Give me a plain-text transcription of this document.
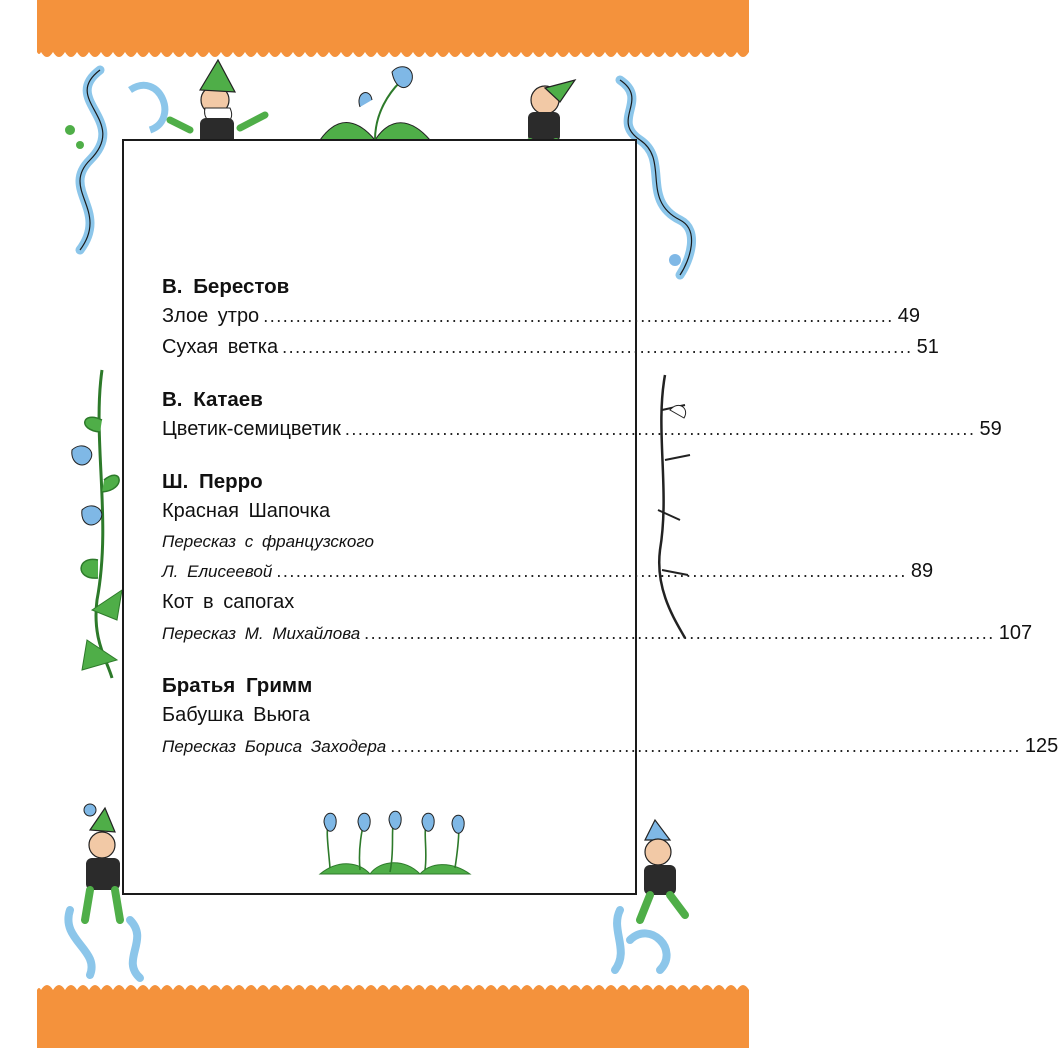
В. Берестов
Злое утро ................................................................................................. 49
Сухая ветка ................................................................................................. 51
В. Катаев
Цветик-семицветик ................................................................................................. 59
Ш. Перро
Красная Шапочка
Пересказ с французского
Л. Елисеевой ................................................................................................. 89
Кот в сапогах
Пересказ М. Михайлова ................................................................................................. 107
Братья Гримм
Бабушка Вьюга
Пересказ Бориса Заходера ................................................................................................. 125
